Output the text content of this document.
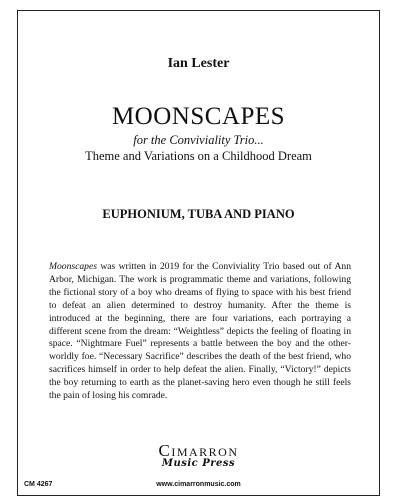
Ian Lester
MOONSCAPES
for the Conviviality Trio...
Theme and Variations on a Childhood Dream
EUPHONIUM, TUBA AND PIANO
Moonscapes was written in 2019 for the Conviviality Trio based out of Ann Arbor, Michigan. The work is programmatic theme and variations, following the fictional story of a boy who dreams of flying to space with his best friend to defeat an alien determined to destroy humanity. After the theme is introduced at the beginning, there are four variations, each portraying a different scene from the dream: “Weightless” depicts the feeling of floating in space. “Nightmare Fuel” represents a battle between the boy and the other-worldly foe. “Necessary Sacrifice” describes the death of the best friend, who sacrifices himself in order to help defeat the alien. Finally, “Victory!” depicts the boy returning to earth as the planet-saving hero even though he still feels the pain of losing his comrade.
Cimarron
Music Press
www.cimarronmusic.com
CM 4267
